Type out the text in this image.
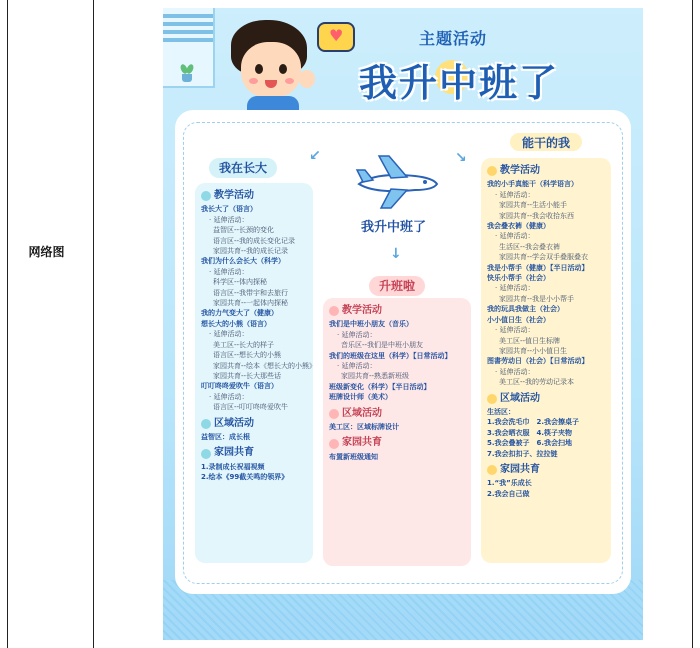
网络图
♥	主题活动
我升中班了
我升中班了
↙	↘
↓
我在长大
升班啦
能干的我
教学活动
我长大了（语言）
· 延伸活动：
益智区--长颈的变化
语言区--我的成长变化记录
家园共育--我的成长记录
我们为什么会长大（科学）
· 延伸活动：
科学区--体内探秘
语言区--我带宇和去旅行
家园共育--一起体内探秘
我的力气变大了（健康）
想长大的小熊（语言）
· 延伸活动：
美工区--长大的样子
语言区--想长大的小熊
家园共育--绘本《想长大的小熊》
家园共育--长大那些话
叮叮咚咚爱吹牛（语言）
· 延伸活动：
语言区--叮叮咚咚爱吹牛
区域活动
益智区：成长根
家园共育
1.录制成长祝福视频
2.绘本《99截关鸣的领界》
教学活动
我们是中班小朋友（音乐）
· 延伸活动：
音乐区--我们是中班小朋友
我们的班级在这里（科学）【日常活动】
· 延伸活动：
家园共育--熟悉新班级
班级新变化（科学）【半日活动】
班牌设计师（美术）
区域活动
美工区：区域标牌设计
家园共育
布置新班级通知
教学活动
我的小手真能干（科学语言）
· 延伸活动：
家园共育--生活小能手
家园共育--我会收拾东西
我会叠衣裤（健康）
· 延伸活动：
生活区--我会叠衣裤
家园共育--学会双手叠服叠衣
我是小帮手（健康）【半日活动】
快乐小帮手（社会）
· 延伸活动：
家园共育--我是小小帮手
我的玩具我做主（社会）
小小值日生（社会）
· 延伸活动：
美工区--值日生标牌
家园共育--小小值日生
图書劳动日（社会）【日常活动】
· 延伸活动：
美工区--我的劳动记录本
区域活动
生活区：
1.我会洗毛巾　2.我会擦桌子
3.我会晒衣服　4.筷子夹物
5.我会叠被子　6.我会扫地
7.我会扣扣子、拉拉链
家园共育
1.“我”乐成长
2.我会自己做
